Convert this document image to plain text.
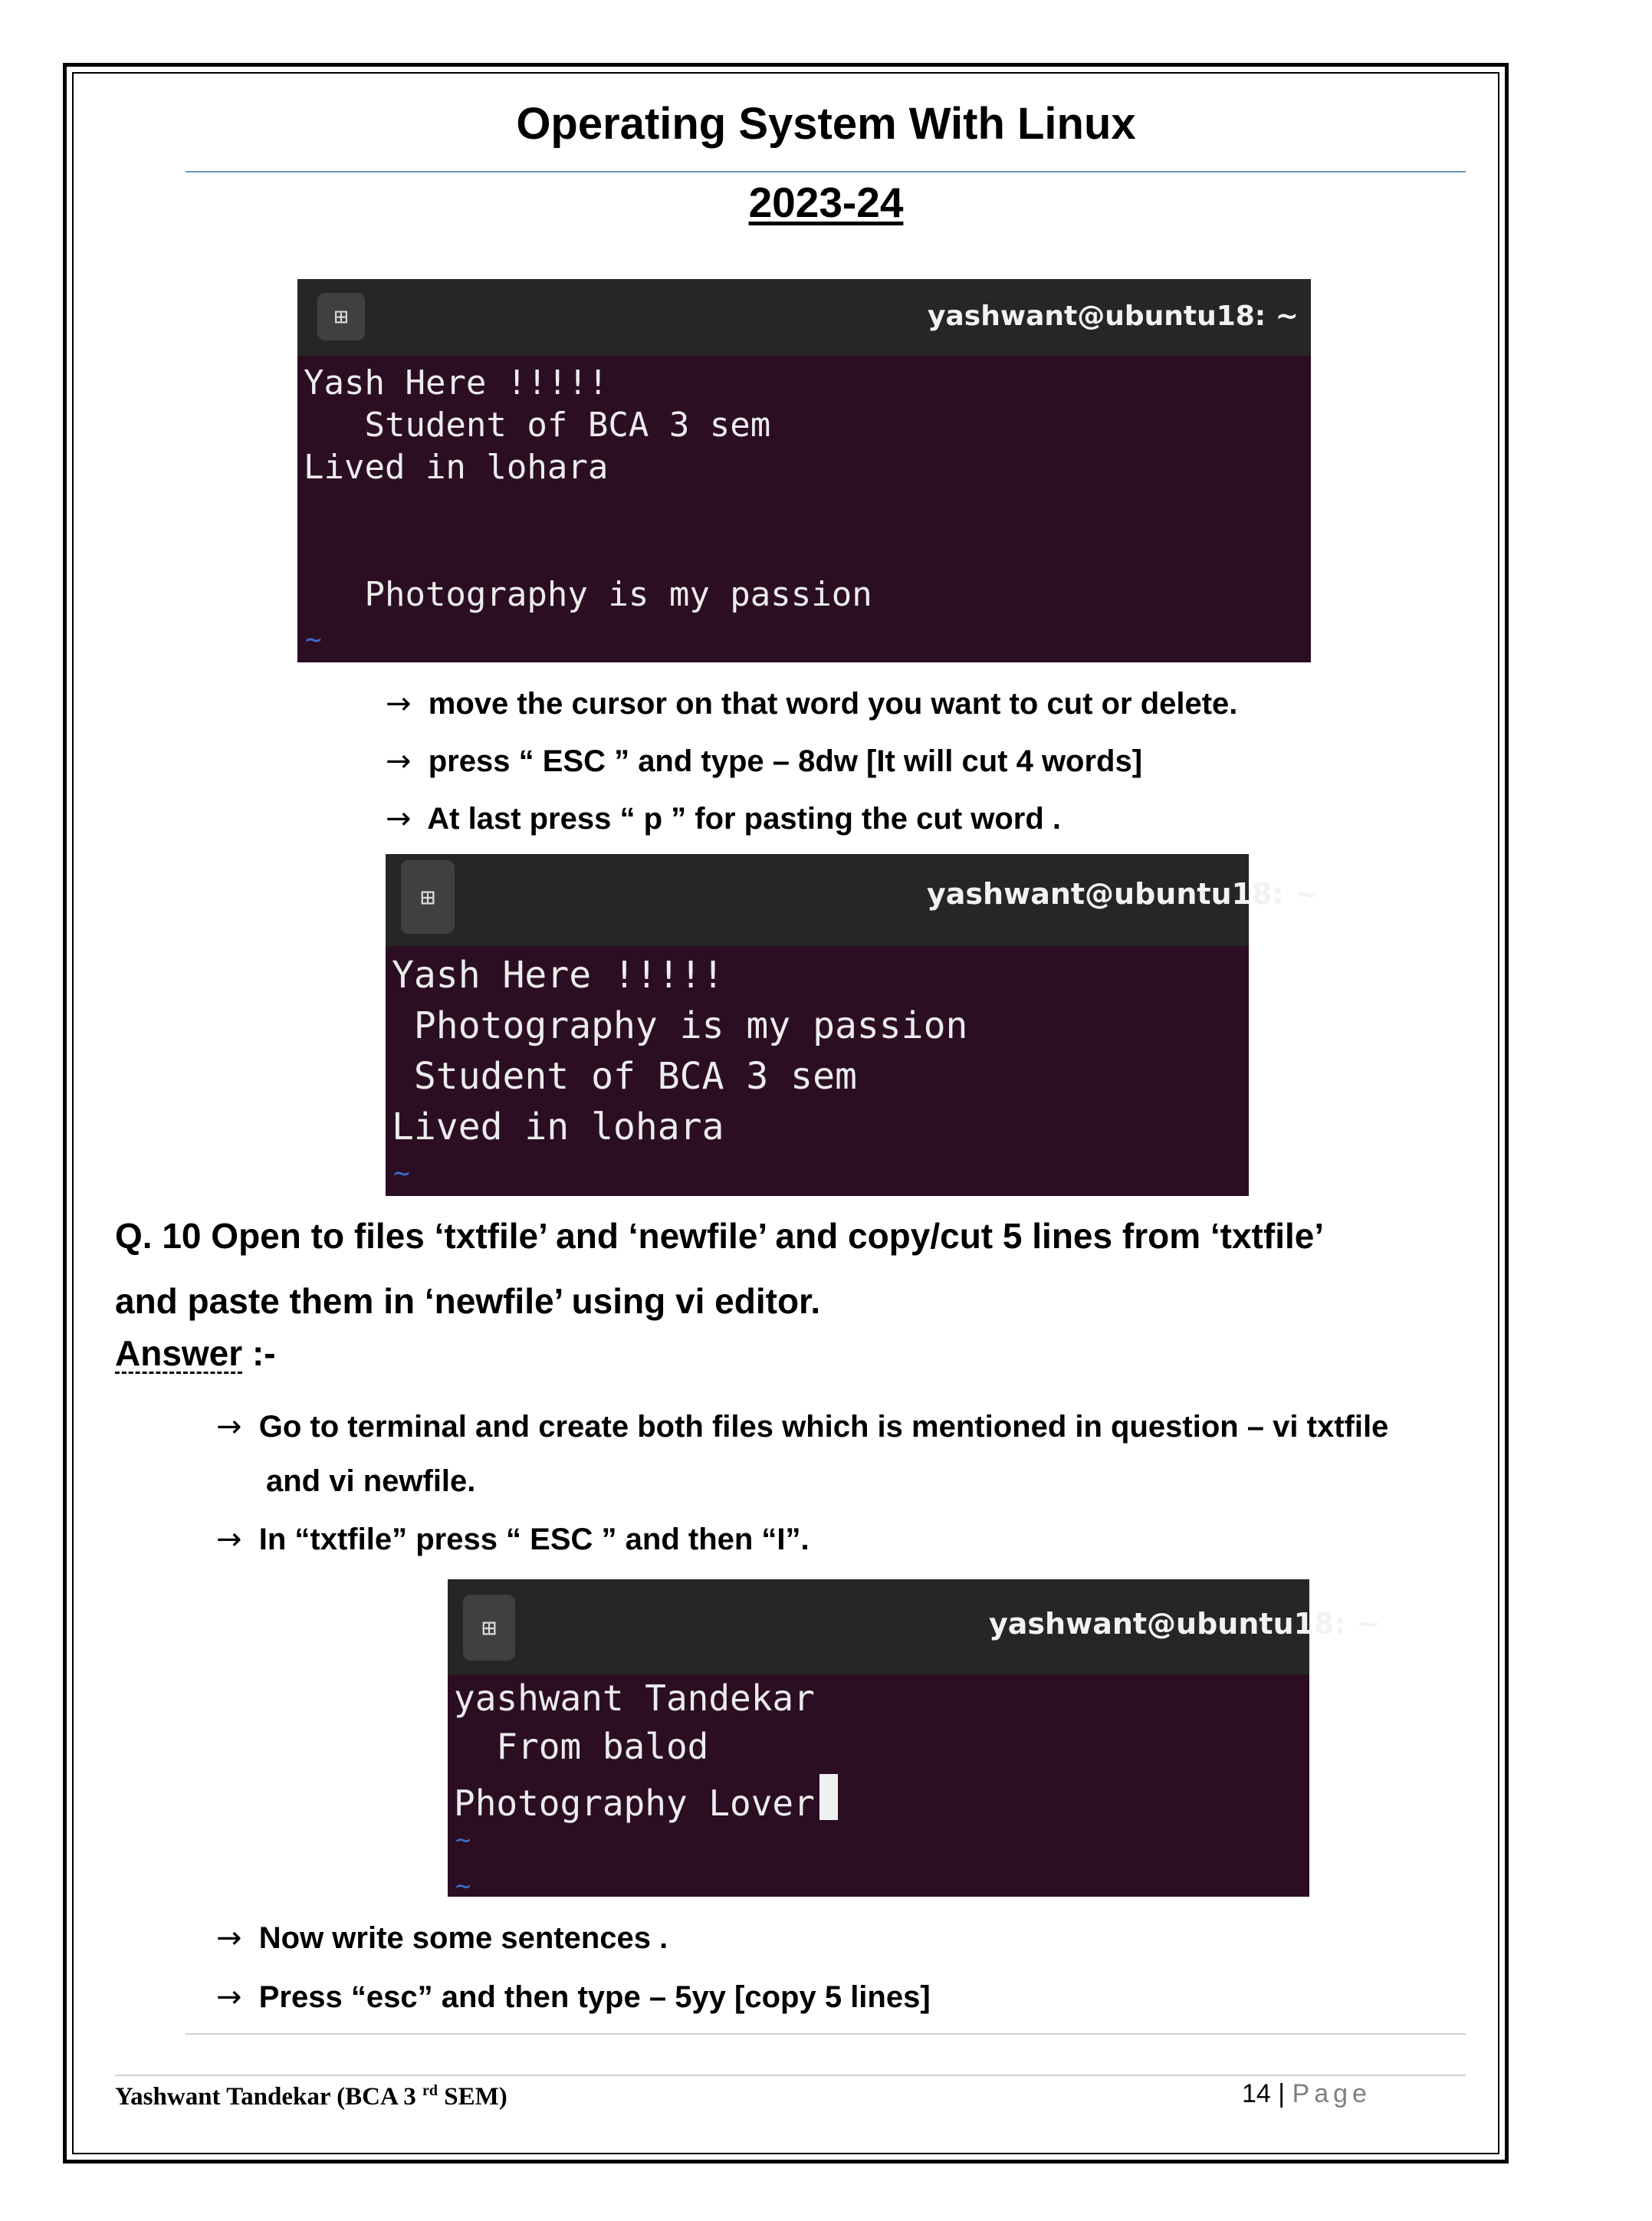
Operating System With Linux
2023-24
⊞	yashwant@ubuntu18: ~
Yash Here !!!!!
Student of BCA 3 sem
Lived in lohara
Photography is my passion
~
→ move the cursor on that word you want to cut or delete.
→ press “ ESC ” and type – 8dw [It will cut 4 words]
→ At last press “ p ” for pasting the cut word .
⊞	yashwant@ubuntu18: ~
Yash Here !!!!!
Photography is my passion
Student of BCA 3 sem
Lived in lohara
~
Q. 10 Open to files ‘txtfile’ and ‘newfile’ and copy/cut 5 lines from ‘txtfile’
and paste them in ‘newfile’ using vi editor.
Answer :-
→ Go to terminal and create both files which is mentioned in question – vi txtfile
and vi newfile.
→ In “txtfile” press “ ESC ” and then “I”.
⊞	yashwant@ubuntu18: ~
yashwant Tandekar
From balod
Photography Lover
~
~
→  Now write some sentences .
→ Press “esc” and then type – 5yy [copy 5 lines]
Yashwant Tandekar (BCA 3 $^{rd}$ SEM)	14 | Page
